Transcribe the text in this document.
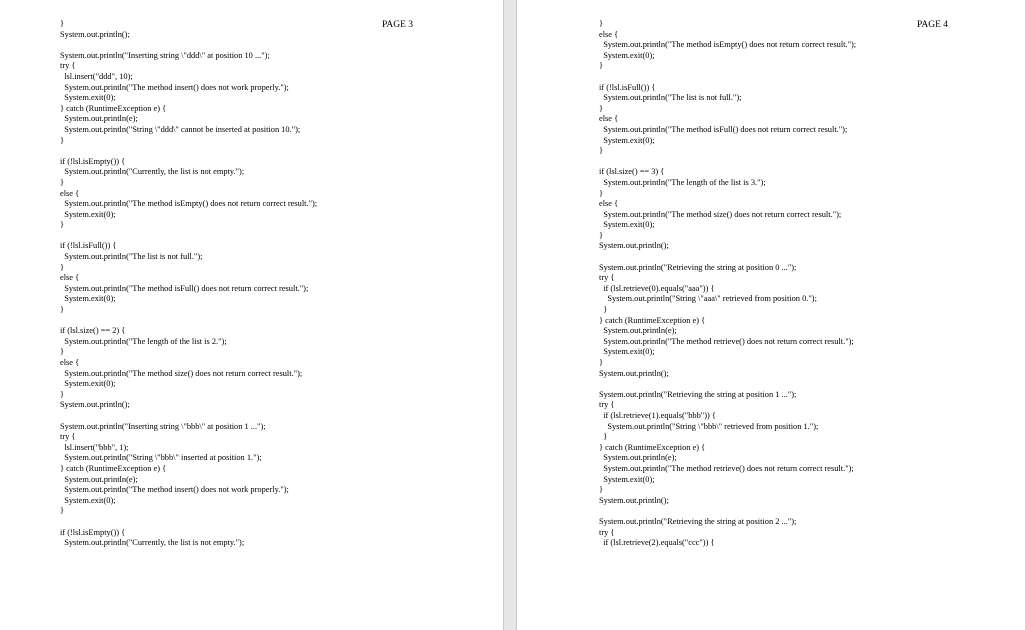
PAGE 3
}
System.out.println();
System.out.println("Inserting string \"ddd\" at position 10 ...");
try {
lsl.insert("ddd", 10);
System.out.println("The method insert() does not work properly.");
System.exit(0);
} catch (RuntimeException e) {
System.out.println(e);
System.out.println("String \"ddd\" cannot be inserted at position 10.");
}
if (!lsl.isEmpty()) {
System.out.println("Currently, the list is not empty.");
}
else {
System.out.println("The method isEmpty() does not return correct result.");
System.exit(0);
}
if (!lsl.isFull()) {
System.out.println("The list is not full.");
}
else {
System.out.println("The method isFull() does not return correct result.");
System.exit(0);
}
if (lsl.size() == 2) {
System.out.println("The length of the list is 2.");
}
else {
System.out.println("The method size() does not return correct result.");
System.exit(0);
}
System.out.println();
System.out.println("Inserting string \"bbb\" at position 1 ...");
try {
lsl.insert("bbb", 1);
System.out.println("String \"bbb\" inserted at position 1.");
} catch (RuntimeException e) {
System.out.println(e);
System.out.println("The method insert() does not work properly.");
System.exit(0);
}
if (!lsl.isEmpty()) {
System.out.println("Currently, the list is not empty.");
PAGE 4
}
else {
System.out.println("The method isEmpty() does not return correct result.");
System.exit(0);
}
if (!lsl.isFull()) {
System.out.println("The list is not full.");
}
else {
System.out.println("The method isFull() does not return correct result.");
System.exit(0);
}
if (lsl.size() == 3) {
System.out.println("The length of the list is 3.");
}
else {
System.out.println("The method size() does not return correct result.");
System.exit(0);
}
System.out.println();
System.out.println("Retrieving the string at position 0 ...");
try {
if (lsl.retrieve(0).equals("aaa")) {
System.out.println("String \"aaa\" retrieved from position 0.");
}
} catch (RuntimeException e) {
System.out.println(e);
System.out.println("The method retrieve() does not return correct result.");
System.exit(0);
}
System.out.println();
System.out.println("Retrieving the string at position 1 ...");
try {
if (lsl.retrieve(1).equals("bbb")) {
System.out.println("String \"bbb\" retrieved from position 1.");
}
} catch (RuntimeException e) {
System.out.println(e);
System.out.println("The method retrieve() does not return correct result.");
System.exit(0);
}
System.out.println();
System.out.println("Retrieving the string at position 2 ...");
try {
if (lsl.retrieve(2).equals("ccc")) {
